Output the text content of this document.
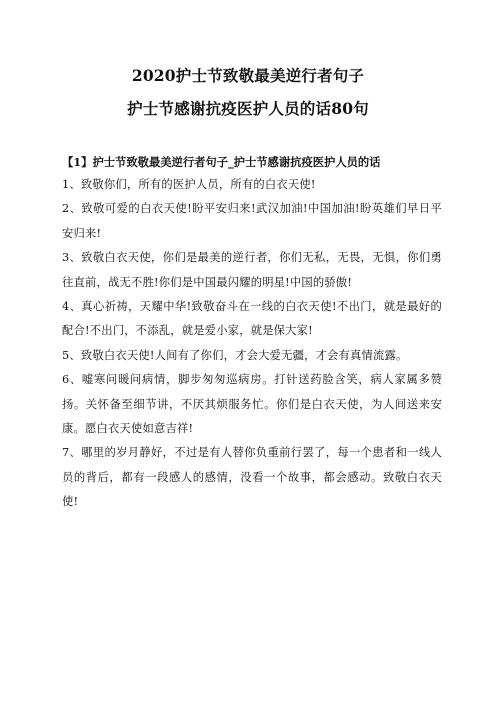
2020护士节致敬最美逆行者句子
护士节感谢抗疫医护人员的话80句
【1】护士节致敬最美逆行者句子_护士节感谢抗疫医护人员的话

1、致敬你们，所有的医护人员，所有的白衣天使!

2、致敬可爱的白衣天使!盼平安归来!武汉加油!中国加油!盼英雄们早日平安归来!

3、致敬白衣天使，你们是最美的逆行者，你们无私，无畏，无惧，你们勇往直前，战无不胜!你们是中国最闪耀的明星!中国的骄傲!

4、真心祈祷，天耀中华!致敬奋斗在一线的白衣天使!不出门，就是最好的配合!不出门，不添乱，就是爱小家，就是保大家!

5、致敬白衣天使!人间有了你们，才会大爱无疆，才会有真情流露。

6、嘘寒问暖问病情，脚步匆匆巡病房。打针送药脸含笑，病人家属多赞扬。关怀备至细节讲，不厌其烦服务忙。你们是白衣天使，为人间送来安康。愿白衣天使如意吉祥!

7、哪里的岁月静好，不过是有人替你负重前行罢了，每一个患者和一线人员的背后，都有一段感人的感情，没看一个故事，都会感动。致敬白衣天使!
